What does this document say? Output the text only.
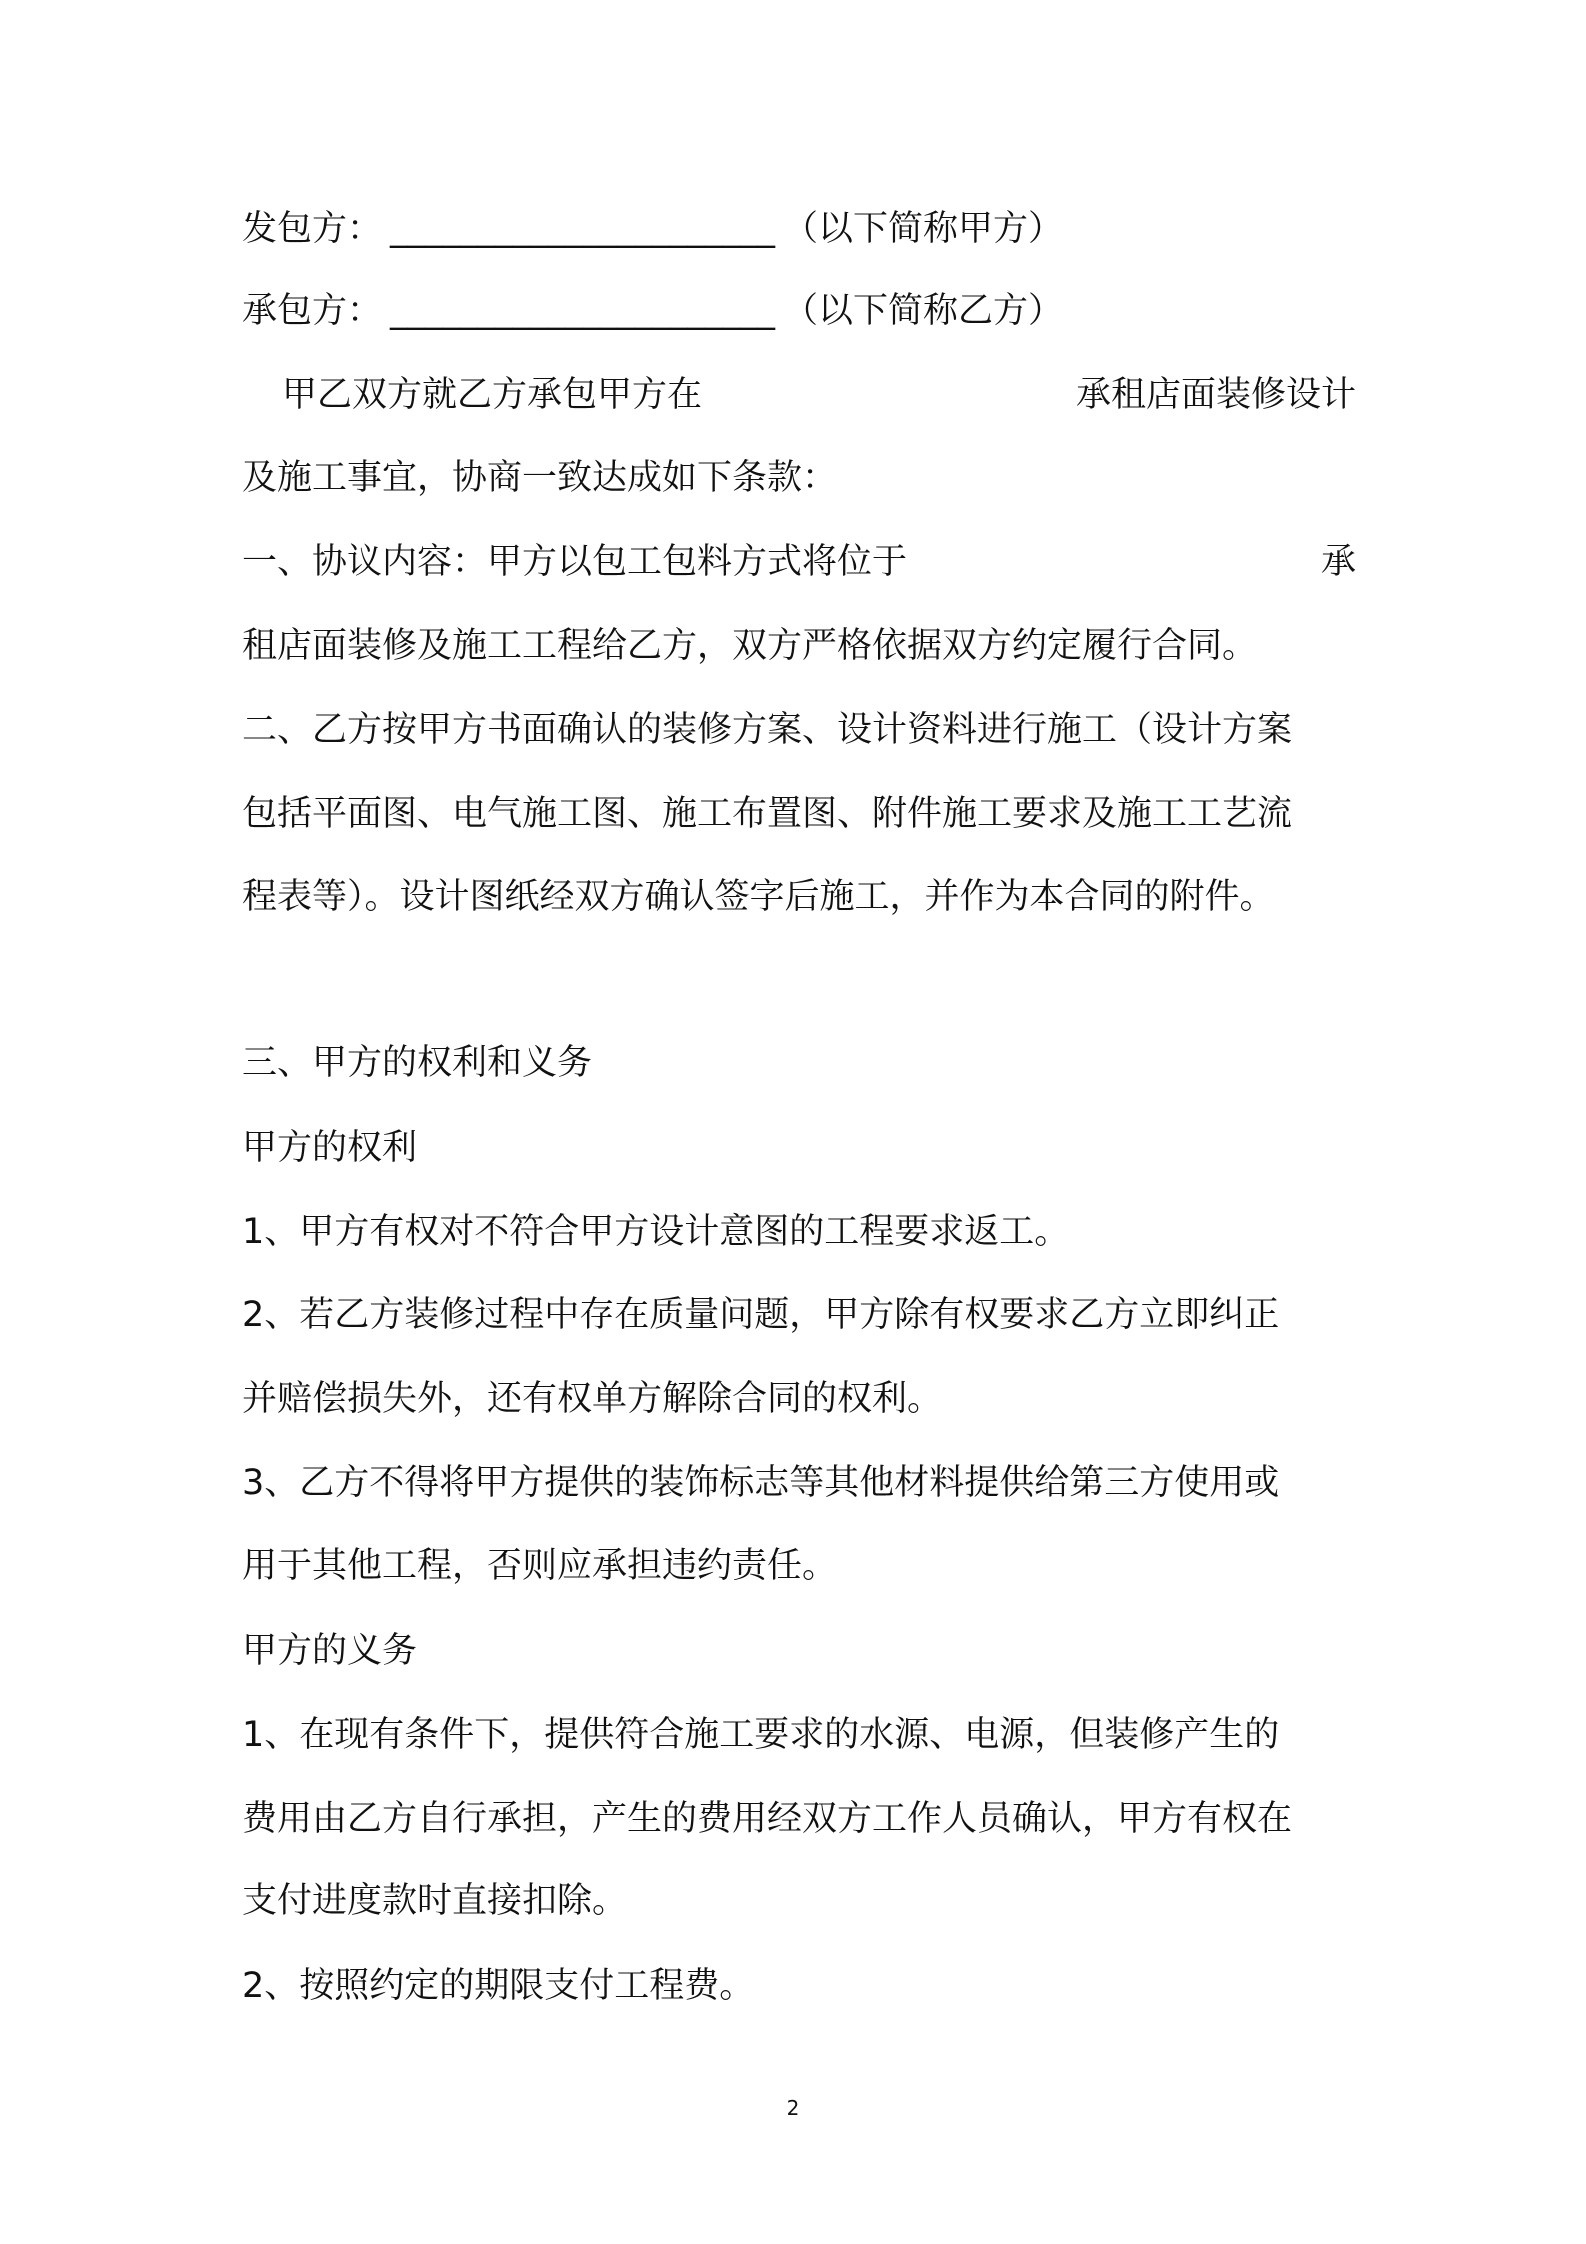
发包方： ______________________ （以下简称甲方）
承包方： ______________________ （以下简称乙方）
甲乙双方就乙方承包甲方在	承租店面装修设计
及施工事宜，协商一致达成如下条款：
一、协议内容：甲方以包工包料方式将位于	承
租店面装修及施工工程给乙方，双方严格依据双方约定履行合同。
二、乙方按甲方书面确认的装修方案、设计资料进行施工（设计方案
包括平面图、电气施工图、施工布置图、附件施工要求及施工工艺流
程表等）。设计图纸经双方确认签字后施工，并作为本合同的附件。
三、甲方的权利和义务
甲方的权利
1、甲方有权对不符合甲方设计意图的工程要求返工。
2、若乙方装修过程中存在质量问题，甲方除有权要求乙方立即纠正
并赔偿损失外，还有权单方解除合同的权利。
3、乙方不得将甲方提供的装饰标志等其他材料提供给第三方使用或
用于其他工程，否则应承担违约责任。
甲方的义务
1、在现有条件下，提供符合施工要求的水源、电源，但装修产生的
费用由乙方自行承担，产生的费用经双方工作人员确认，甲方有权在
支付进度款时直接扣除。
2、按照约定的期限支付工程费。
2
